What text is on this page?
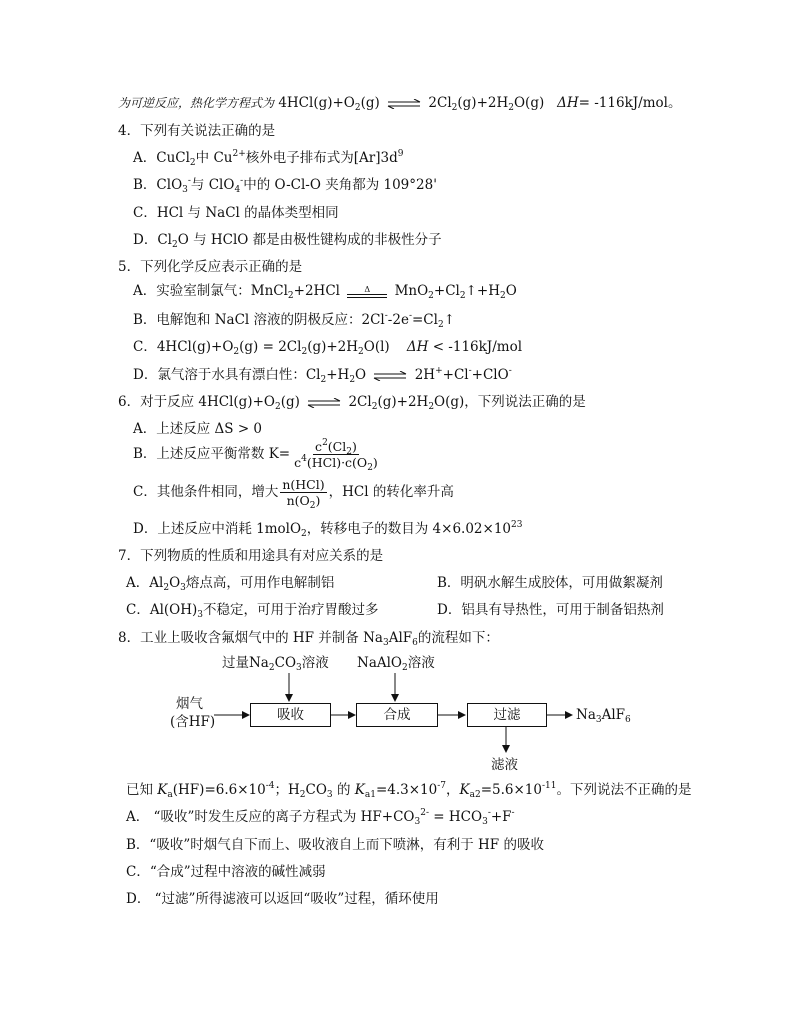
为可逆反应，热化学方程式为 $4HCl(g)+O_2(g)$	$2Cl_2(g)+2H_2O(g)$ ΔH= -116kJ/mol。
4．下列有关说法正确的是
A．CuCl$_2$中 $Cu^{2+}$核外电子排布式为$[Ar]3d^9$
B．ClO$_3$-与 ClO$_4$-中的 O-Cl-O 夹角都为 109°28'
C．HCl 与 NaCl 的晶体类型相同
D．$Cl_2O$ 与 HClO 都是由极性键构成的非极性分子
5．下列化学反应表示正确的是
A．实验室制氯气：MnCl$_2$+2HCl	Δ $MnO_2+Cl_2↑+H_2O$
B．电解饱和 NaCl 溶液的阴极反应：$2Cl^--2e^-=Cl_2↑$
C．$4HCl(g)+O_2(g) = 2Cl_2(g)+2H_2O(l) \Delta H < -116kJ/mol$
D．氯气溶于水具有漂白性：$Cl_2+H_2O$	2H++Cl-+ClO-
6．对于反应 $4HCl(g)+O_2(g)$	$2Cl_2(g)+2H_2O(g)$，下列说法正确的是
A．上述反应 ΔS > 0
B．上述反应平衡常数 $K= \frac{c^2(Cl_2)}{c^4(HCl)\cdot c(O_2)}$
C．其他条件相同，增大 $\frac{\text{n(HCl)}}{n(O_2)}$ ，HCl 的转化率升高
D．上述反应中消耗 1molO$_2$，转移电子的数目为 $4\times 6.02\times 10^{23}$
7．下列物质的性质和用途具有对应关系的是
A．$Al_2O_3$熔点高，可用作电解制铝	B．明矾水解生成胶体，可用做絮凝剂
C．$Al(OH)_3$不稳定，可用于治疗胃酸过多	D．铝具有导热性，可用于制备铝热剂
8．工业上吸收含氟烟气中的 HF 并制备 $Na_3AlF_6$的流程如下：
过量$Na_2CO_3$溶液 NaAlO$_2$溶液
烟气
(含HF)	吸收	合成	过滤	$Na_3AlF_6$
滤液
已知 $K_a(HF)=6.6\times 10^{-4}$；$H_2CO_3$ 的 $K_{a1}=4.3\times 10^{-7}$，$K_{a2}=5.6\times 10^{-11}$。下列说法不正确的是
A． “吸收”时发生反应的离子方程式为 $HF+CO_3^{2-} = HCO_3^-+F^-$
B．“吸收”时烟气自下而上、吸收液自上而下喷淋，有利于 HF 的吸收
C．“合成”过程中溶液的碱性减弱
D． “过滤”所得滤液可以返回“吸收”过程，循环使用
